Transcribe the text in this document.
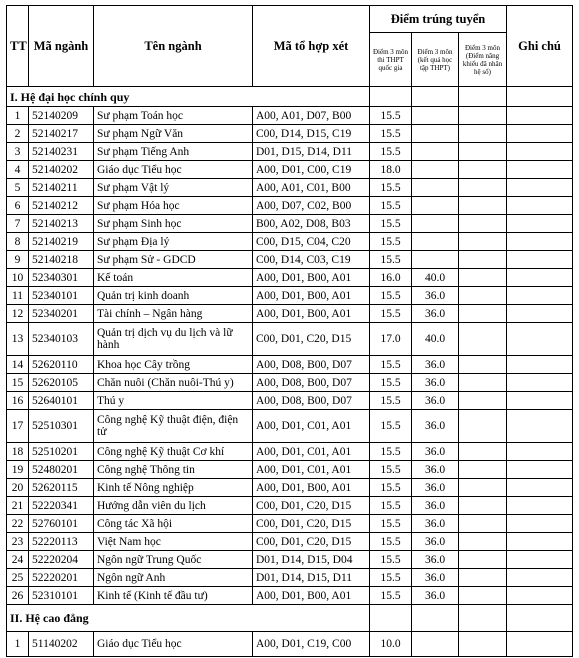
TT	Mã ngành	Tên ngành	Mã tổ hợp xét	Điểm trúng tuyển			Ghi chú
				Điểm 3 môn thi THPT quốc gia	Điểm 3 môn (kết quả học tập THPT)	Điểm 3 môn (Điểm năng khiếu đã nhân hệ số)	
I. Hệ đại học chính quy							
1	52140209	Sư phạm Toán học	A00, A01, D07, B00	15.5			
2	52140217	Sư phạm Ngữ Văn	C00, D14, D15, C19	15.5			
3	52140231	Sư phạm Tiếng Anh	D01, D15, D14, D11	15.5			
4	52140202	Giáo dục Tiểu học	A00, D01, C00, C19	18.0			
5	52140211	Sư phạm Vật lý	A00, A01, C01, B00	15.5			
6	52140212	Sư phạm Hóa học	A00, D07, C02, B00	15.5			
7	52140213	Sư phạm Sinh học	B00, A02, D08, B03	15.5			
8	52140219	Sư phạm Địa lý	C00, D15, C04, C20	15.5			
9	52140218	Sư phạm Sử - GDCD	C00, D14, C03, C19	15.5			
10	52340301	Kế toán	A00, D01, B00, A01	16.0	40.0		
11	52340101	Quản trị kinh doanh	A00, D01, B00, A01	15.5	36.0		
12	52340201	Tài chính – Ngân hàng	A00, D01, B00, A01	15.5	36.0		
13	52340103	Quản trị dịch vụ du lịch và lữ hành	C00, D01, C20, D15	17.0	40.0		
14	52620110	Khoa học Cây trồng	A00, D08, B00, D07	15.5	36.0		
15	52620105	Chăn nuôi (Chăn nuôi-Thú y)	A00, D08, B00, D07	15.5	36.0		
16	52640101	Thú y	A00, D08, B00, D07	15.5	36.0		
17	52510301	Công nghệ Kỹ thuật điện, điện tử	A00, D01, C01, A01	15.5	36.0		
18	52510201	Công nghệ Kỹ thuật Cơ khí	A00, D01, C01, A01	15.5	36.0		
19	52480201	Công nghệ Thông tin	A00, D01, C01, A01	15.5	36.0		
20	52620115	Kinh tế Nông nghiệp	A00, D01, B00, A01	15.5	36.0		
21	52220341	Hướng dẫn viên du lịch	C00, D01, C20, D15	15.5	36.0		
22	52760101	Công tác Xã hội	C00, D01, C20, D15	15.5	36.0		
23	52220113	Việt Nam học	C00, D01, C20, D15	15.5	36.0		
24	52220204	Ngôn ngữ Trung Quốc	D01, D14, D15, D04	15.5	36.0		
25	52220201	Ngôn ngữ Anh	D01, D14, D15, D11	15.5	36.0		
26	52310101	Kinh tế (Kinh tế đầu tư)	A00, D01, B00, A01	15.5	36.0		
II. Hệ cao đẳng							
1	51140202	Giáo dục Tiểu học	A00, D01, C19, C00	10.0			
